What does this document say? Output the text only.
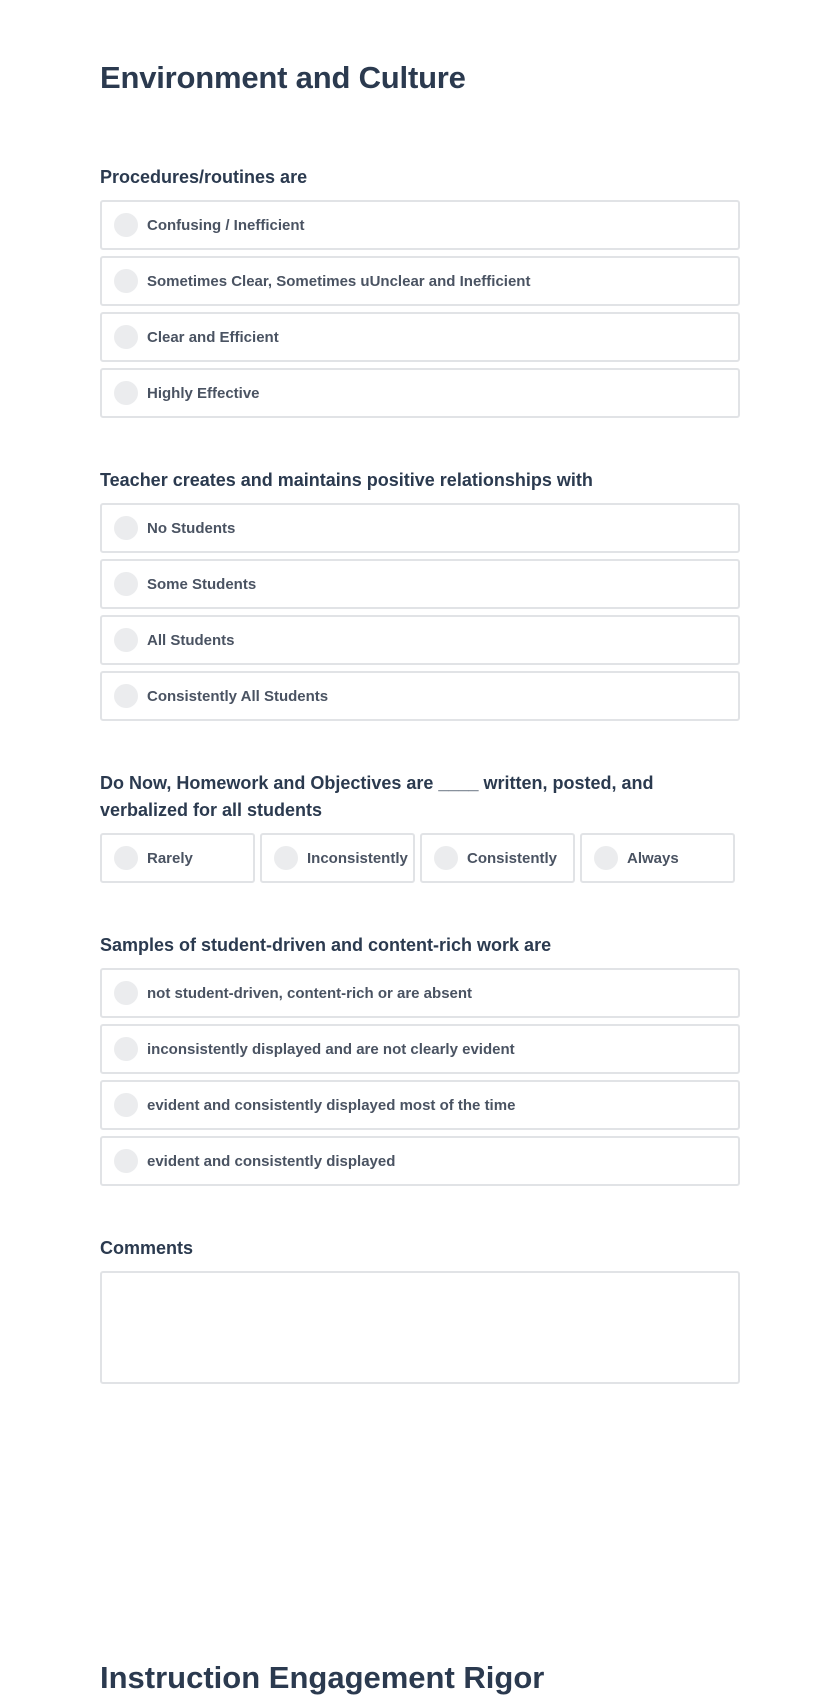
Environment and Culture

Procedures/routines are

Confusing / Inefficient
Sometimes Clear, Sometimes uUnclear and Inefficient
Clear and Efficient
Highly Effective

Teacher creates and maintains positive relationships with

No Students
Some Students
All Students
Consistently All Students

Do Now, Homework and Objectives are ____ written, posted, and verbalized for all students

Rarely	Inconsistently	Consistently	Always

Samples of student-driven and content-rich work are

not student-driven, content-rich or are absent
inconsistently displayed and are not clearly evident
evident and consistently displayed most of the time
evident and consistently displayed

Comments

Instruction Engagement Rigor
